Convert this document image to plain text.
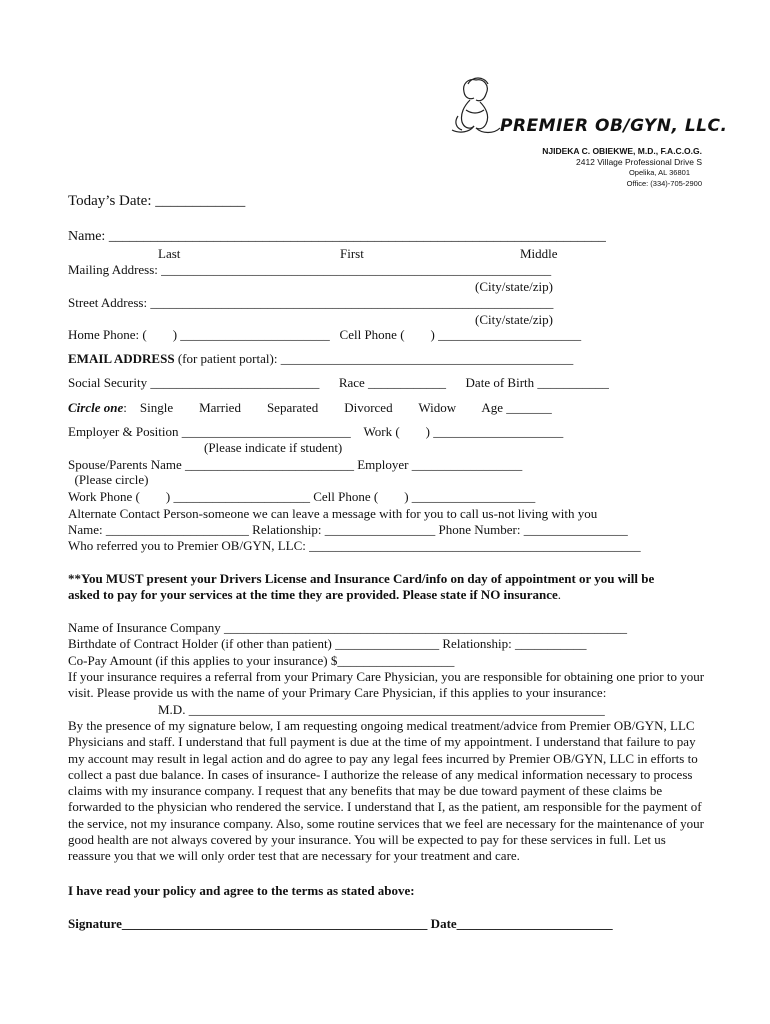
PREMIER OB/GYN, LLC.
NJIDEKA C. OBIEKWE, M.D., F.A.C.O.G.
2412 Village Professional Drive S
Opelika, AL 36801
Office: (334)-705-2900
Today’s Date: ____________
Name: _______________________________________________________________________
Last	First	Middle
Mailing Address: ____________________________________________________________
(City/state/zip)
Street Address: ______________________________________________________________
(City/state/zip)
Home Phone: (        ) _______________________   Cell Phone (        ) ______________________
EMAIL ADDRESS (for patient portal): _____________________________________________
Social Security __________________________      Race ____________      Date of Birth ___________
Circle one:    Single        Married        Separated        Divorced        Widow        Age _______
Employer & Position __________________________    Work (        ) ____________________
(Please indicate if student)
Spouse/Parents Name __________________________ Employer _________________
(Please circle)
Work Phone (        ) _____________________ Cell Phone (        ) ___________________
Alternate Contact Person-someone we can leave a message with for you to call us-not living with you
Name: ______________________ Relationship: _________________ Phone Number: ________________
Who referred you to Premier OB/GYN, LLC: ___________________________________________________
**You MUST present your Drivers License and Insurance Card/info on day of appointment or you will be
asked to pay for your services at the time they are provided. Please state if NO insurance.
Name of Insurance Company ______________________________________________________________
Birthdate of Contract Holder (if other than patient) ________________ Relationship: ___________
Co-Pay Amount (if this applies to your insurance) $__________________
If your insurance requires a referral from your Primary Care Physician, you are responsible for obtaining one prior to your visit. Please provide us with the name of your Primary Care Physician, if this applies to your insurance:
M.D. ________________________________________________________________
By the presence of my signature below, I am requesting ongoing medical treatment/advice from Premier OB/GYN, LLC Physicians and staff. I understand that full payment is due at the time of my appointment. I understand that failure to pay my account may result in legal action and do agree to pay any legal fees incurred by Premier OB/GYN, LLC in efforts to collect a past due balance. In cases of insurance- I authorize the release of any medical information necessary to process claims with my insurance company. I request that any benefits that may be due toward payment of these claims be forwarded to the physician who rendered the service. I understand that I, as the patient, am responsible for the payment of the service, not my insurance company. Also, some routine services that we feel are necessary for the maintenance of your good health are not always covered by your insurance. You will be expected to pay for these services in full. Let us reassure you that we will only order test that are necessary for your treatment and care.
I have read your policy and agree to the terms as stated above:
Signature_______________________________________________ Date________________________
